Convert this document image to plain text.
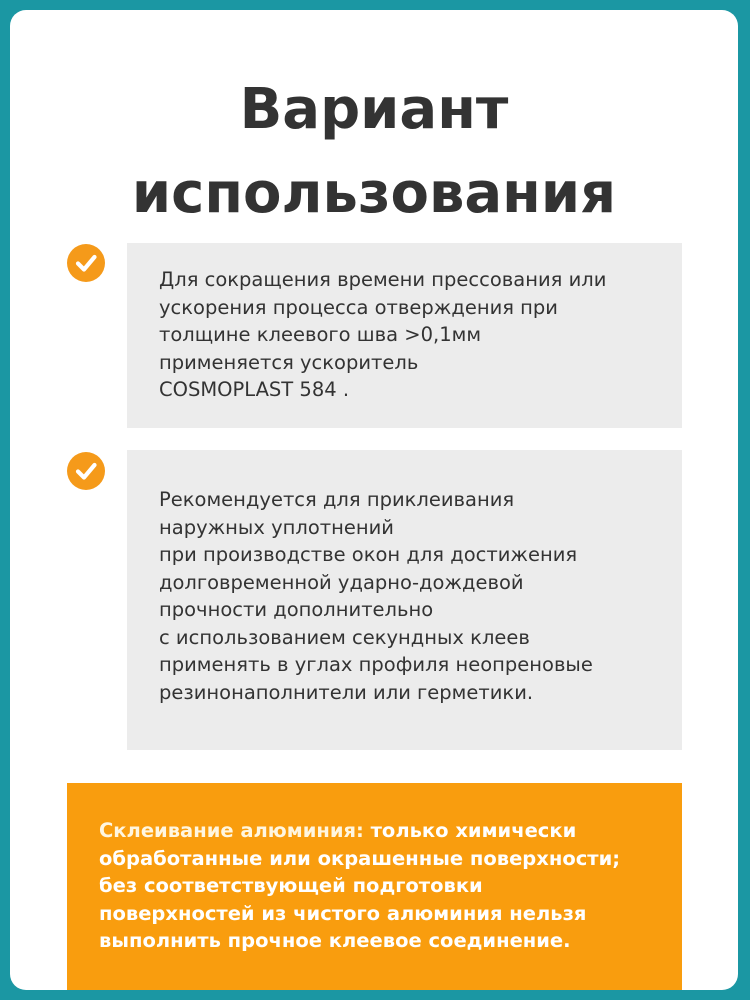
Вариант
использования

Для сокращения времени прессования или
ускорения процесса отверждения при
толщине клеевого шва >0,1мм
применяется ускоритель
COSMOPLAST 584 .

Рекомендуется для приклеивания
наружных уплотнений
при производстве окон для достижения
долговременной ударно-дождевой
прочности дополнительно
с использованием секундных клеев
применять в углах профиля неопреновые
резинонаполнители или герметики.

Склеивание алюминия: только химически
обработанные или окрашенные поверхности;
без соответствующей подготовки
поверхностей из чистого алюминия нельзя
выполнить прочное клеевое соединение.
